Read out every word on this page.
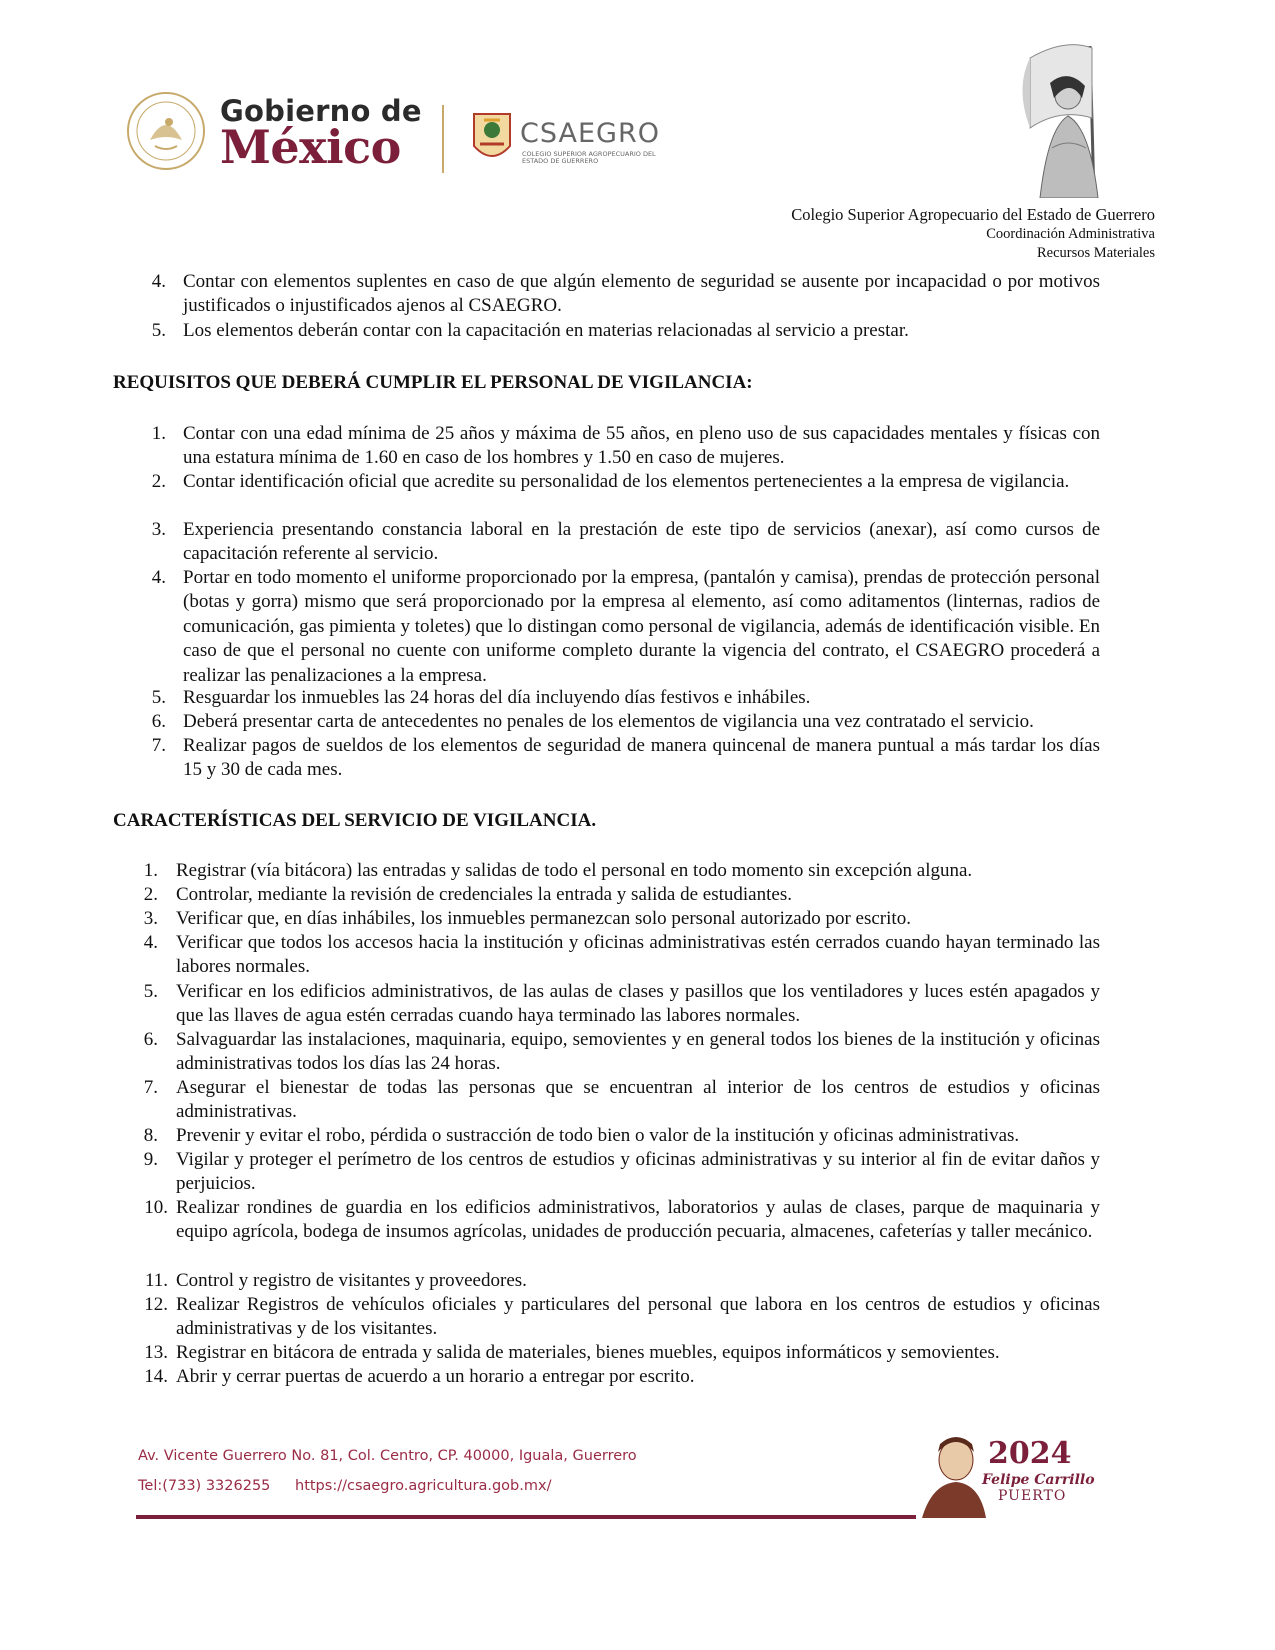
Gobierno de
México	CSAEGRO
COLEGIO SUPERIOR AGROPECUARIO DEL ESTADO DE GUERRERO
Colegio Superior Agropecuario del Estado de Guerrero
Coordinación Administrativa
Recursos Materiales
4. Contar con elementos suplentes en caso de que algún elemento de seguridad se ausente por incapacidad o por motivos justificados o injustificados ajenos al CSAEGRO.
5. Los elementos deberán contar con la capacitación en materias relacionadas al servicio a prestar.
REQUISITOS QUE DEBERÁ CUMPLIR EL PERSONAL DE VIGILANCIA:
1. Contar con una edad mínima de 25 años y máxima de 55 años, en pleno uso de sus capacidades mentales y físicas con una estatura mínima de 1.60 en caso de los hombres y 1.50 en caso de mujeres.
2. Contar identificación oficial que acredite su personalidad de los elementos pertenecientes a la empresa de vigilancia.
3. Experiencia presentando constancia laboral en la prestación de este tipo de servicios (anexar), así como cursos de capacitación referente al servicio.
4. Portar en todo momento el uniforme proporcionado por la empresa, (pantalón y camisa), prendas de protección personal (botas y gorra) mismo que será proporcionado por la empresa al elemento, así como aditamentos (linternas, radios de comunicación, gas pimienta y toletes) que lo distingan como personal de vigilancia, además de identificación visible. En caso de que el personal no cuente con uniforme completo durante la vigencia del contrato, el CSAEGRO procederá a realizar las penalizaciones a la empresa.
5. Resguardar los inmuebles las 24 horas del día incluyendo días festivos e inhábiles.
6. Deberá presentar carta de antecedentes no penales de los elementos de vigilancia una vez contratado el servicio.
7. Realizar pagos de sueldos de los elementos de seguridad de manera quincenal de manera puntual a más tardar los días 15 y 30 de cada mes.
CARACTERÍSTICAS DEL SERVICIO DE VIGILANCIA.
1. Registrar (vía bitácora) las entradas y salidas de todo el personal en todo momento sin excepción alguna.
2. Controlar, mediante la revisión de credenciales la entrada y salida de estudiantes.
3. Verificar que, en días inhábiles, los inmuebles permanezcan solo personal autorizado por escrito.
4. Verificar que todos los accesos hacia la institución y oficinas administrativas estén cerrados cuando hayan terminado las labores normales.
5. Verificar en los edificios administrativos, de las aulas de clases y pasillos que los ventiladores y luces estén apagados y que las llaves de agua estén cerradas cuando haya terminado las labores normales.
6. Salvaguardar las instalaciones, maquinaria, equipo, semovientes y en general todos los bienes de la institución y oficinas administrativas todos los días las 24 horas.
7. Asegurar el bienestar de todas las personas que se encuentran al interior de los centros de estudios y oficinas administrativas.
8. Prevenir y evitar el robo, pérdida o sustracción de todo bien o valor de la institución y oficinas administrativas.
9. Vigilar y proteger el perímetro de los centros de estudios y oficinas administrativas y su interior al fin de evitar daños y perjuicios.
10. Realizar rondines de guardia en los edificios administrativos, laboratorios y aulas de clases, parque de maquinaria y equipo agrícola, bodega de insumos agrícolas, unidades de producción pecuaria, almacenes, cafeterías y taller mecánico.
11. Control y registro de visitantes y proveedores.
12. Realizar Registros de vehículos oficiales y particulares del personal que labora en los centros de estudios y oficinas administrativas y de los visitantes.
13. Registrar en bitácora de entrada y salida de materiales, bienes muebles, equipos informáticos y semovientes.
14. Abrir y cerrar puertas de acuerdo a un horario a entregar por escrito.
Av. Vicente Guerrero No. 81, Col. Centro, CP. 40000, Iguala, Guerrero
Tel:(733) 3326255 https://csaegro.agricultura.gob.mx/
2024
Felipe Carrillo
PUERTO
